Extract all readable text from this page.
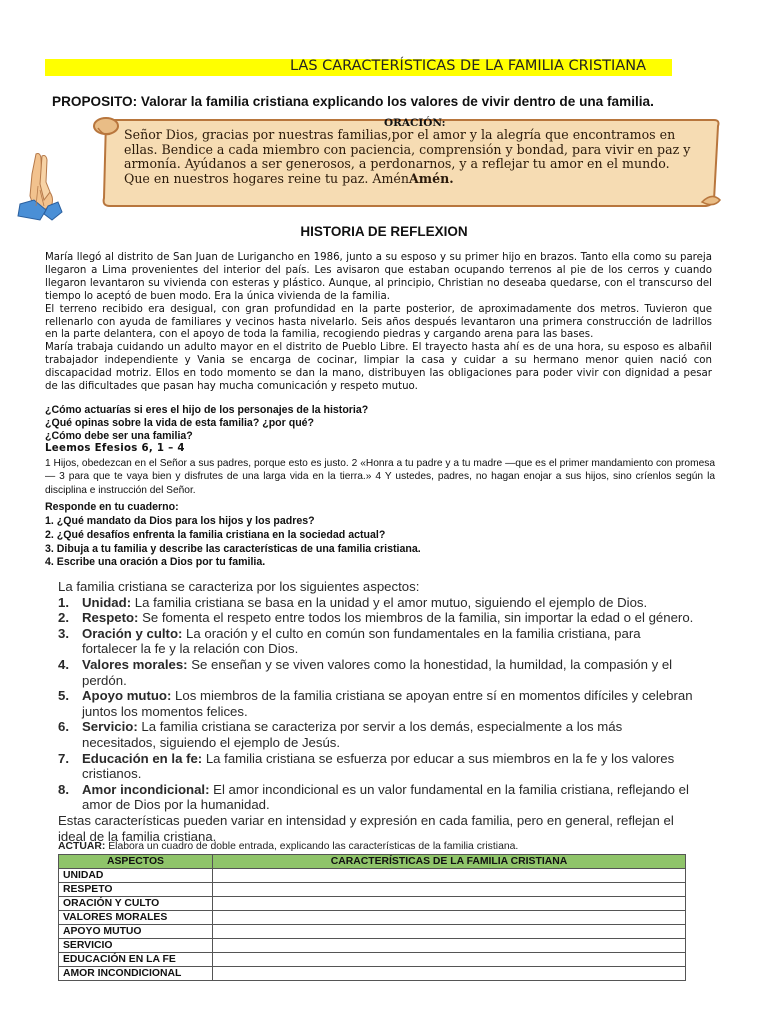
LAS CARACTERÍSTICAS DE LA FAMILIA CRISTIANA
PROPOSITO: Valorar la familia cristiana explicando los valores de vivir dentro de una familia.
ORACIÓN:
Señor Dios, gracias por nuestras familias,por el amor y la alegría que encontramos en ellas. Bendice a cada miembro con paciencia, comprensión y bondad, para vivir en paz y armonía. Ayúdanos a ser generosos, a perdonarnos, y a reflejar tu amor en el mundo. Que en nuestros hogares reine tu paz. AménAmén.
HISTORIA DE REFLEXION

María llegó al distrito de San Juan de Lurigancho en 1986, junto a su esposo y su primer hijo en brazos. Tanto ella como su pareja llegaron a Lima provenientes del interior del país. Les avisaron que estaban ocupando terrenos al pie de los cerros y cuando llegaron levantaron su vivienda con esteras y plástico. Aunque, al principio, Christian no deseaba quedarse, con el transcurso del tiempo lo aceptó de buen modo. Era la única vivienda de la familia.

El terreno recibido era desigual, con gran profundidad en la parte posterior, de aproximadamente dos metros. Tuvieron que rellenarlo con ayuda de familiares y vecinos hasta nivelarlo. Seis años después levantaron una primera construcción de ladrillos en la parte delantera, con el apoyo de toda la familia, recogiendo piedras y cargando arena para las bases.

María trabaja cuidando un adulto mayor en el distrito de Pueblo Libre. El trayecto hasta ahí es de una hora, su esposo es albañil trabajador independiente y Vania se encarga de cocinar, limpiar la casa y cuidar a su hermano menor quien nació con discapacidad motriz. Ellos en todo momento se dan la mano, distribuyen las obligaciones para poder vivir con dignidad a pesar de las dificultades que pasan hay mucha comunicación y respeto mutuo.

¿Cómo actuarías si eres el hijo de los personajes de la historia?
¿Qué opinas sobre la vida de esta familia? ¿por qué?
¿Cómo debe ser una familia?
Leemos Efesios 6, 1 – 4
1 Hijos, obedezcan en el Señor a sus padres, porque esto es justo. 2 «Honra a tu padre y a tu madre —que es el primer mandamiento con promesa— 3 para que te vaya bien y disfrutes de una larga vida en la tierra.» 4 Y ustedes, padres, no hagan enojar a sus hijos, sino críenlos según la disciplina e instrucción del Señor.
Responde en tu cuaderno:
1. ¿Qué mandato da Dios para los hijos y los padres?
2. ¿Qué desafíos enfrenta la familia cristiana en la sociedad actual?
3. Dibuja a tu familia y describe las características de una familia cristiana.
4. Escribe una oración a Dios por tu familia.

La familia cristiana se caracteriza por los siguientes aspectos:

1. Unidad: La familia cristiana se basa en la unidad y el amor mutuo, siguiendo el ejemplo de Dios.
2. Respeto: Se fomenta el respeto entre todos los miembros de la familia, sin importar la edad o el género.
3. Oración y culto: La oración y el culto en común son fundamentales en la familia cristiana, para fortalecer la fe y la relación con Dios.
4. Valores morales: Se enseñan y se viven valores como la honestidad, la humildad, la compasión y el perdón.
5. Apoyo mutuo: Los miembros de la familia cristiana se apoyan entre sí en momentos difíciles y celebran juntos los momentos felices.
6. Servicio: La familia cristiana se caracteriza por servir a los demás, especialmente a los más necesitados, siguiendo el ejemplo de Jesús.
7. Educación en la fe: La familia cristiana se esfuerza por educar a sus miembros en la fe y los valores cristianos.
8. Amor incondicional: El amor incondicional es un valor fundamental en la familia cristiana, reflejando el amor de Dios por la humanidad.

Estas características pueden variar en intensidad y expresión en cada familia, pero en general, reflejan el ideal de la familia cristiana.

ACTUAR: Elabora un cuadro de doble entrada, explicando las características de la familia cristiana.
ASPECTOS	CARACTERÍSTICAS DE LA FAMILIA CRISTIANA
UNIDAD	
RESPETO	
ORACIÓN Y CULTO	
VALORES MORALES	
APOYO MUTUO	
SERVICIO	
EDUCACIÓN EN LA FE	
AMOR INCONDICIONAL	
